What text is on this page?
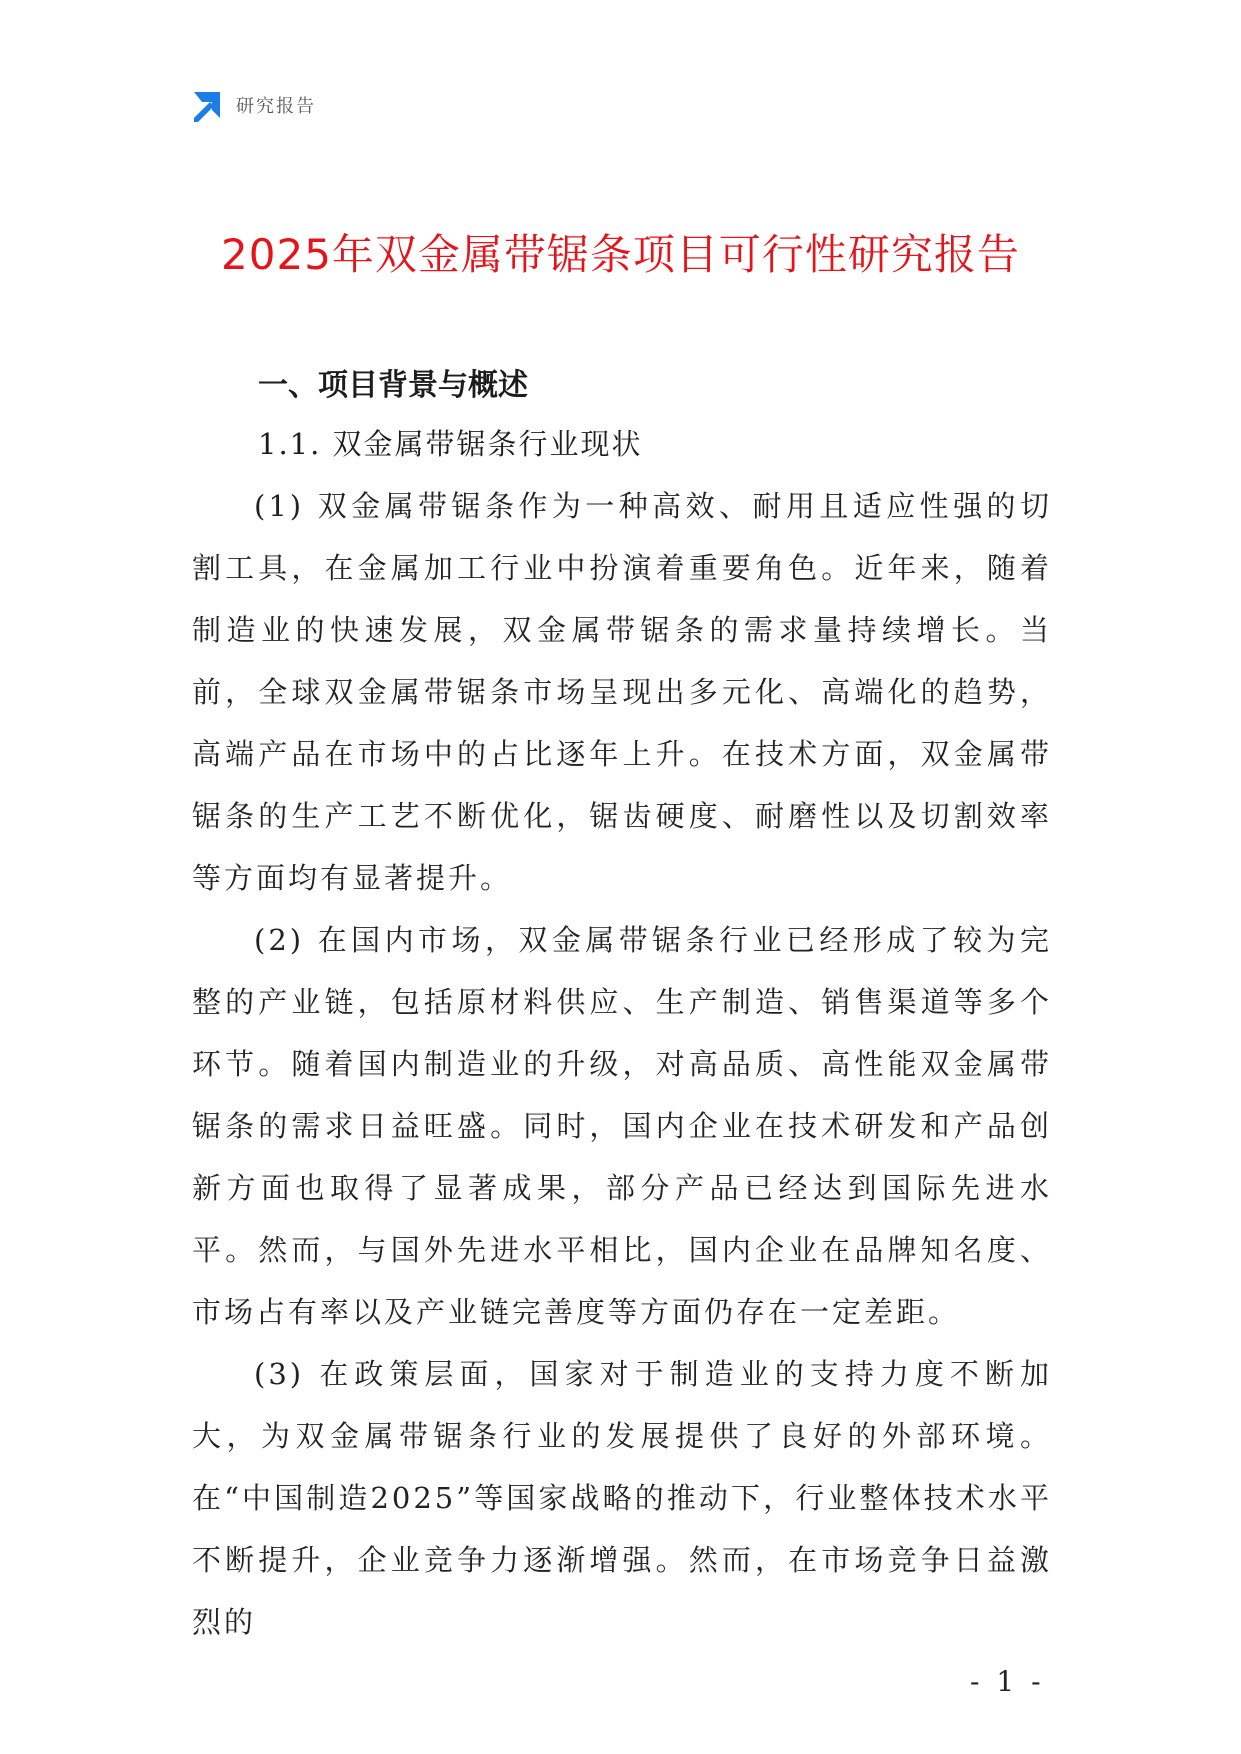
研究报告
2025年双金属带锯条项目可行性研究报告
一、项目背景与概述
1.1. 双金属带锯条行业现状

(1) 双金属带锯条作为一种高效、耐用且适应性强的切割工具，在金属加工行业中扮演着重要角色。近年来，随着制造业的快速发展，双金属带锯条的需求量持续增长。当前，全球双金属带锯条市场呈现出多元化、高端化的趋势，高端产品在市场中的占比逐年上升。在技术方面，双金属带锯条的生产工艺不断优化，锯齿硬度、耐磨性以及切割效率等方面均有显著提升。

(2) 在国内市场，双金属带锯条行业已经形成了较为完整的产业链，包括原材料供应、生产制造、销售渠道等多个环节。随着国内制造业的升级，对高品质、高性能双金属带锯条的需求日益旺盛。同时，国内企业在技术研发和产品创新方面也取得了显著成果，部分产品已经达到国际先进水平。然而，与国外先进水平相比，国内企业在品牌知名度、市场占有率以及产业链完善度等方面仍存在一定差距。

(3) 在政策层面，国家对于制造业的支持力度不断加大，为双金属带锯条行业的发展提供了良好的外部环境。在“中国制造2025”等国家战略的推动下，行业整体技术水平不断提升，企业竞争力逐渐增强。然而，在市场竞争日益激烈的

- 1 -
